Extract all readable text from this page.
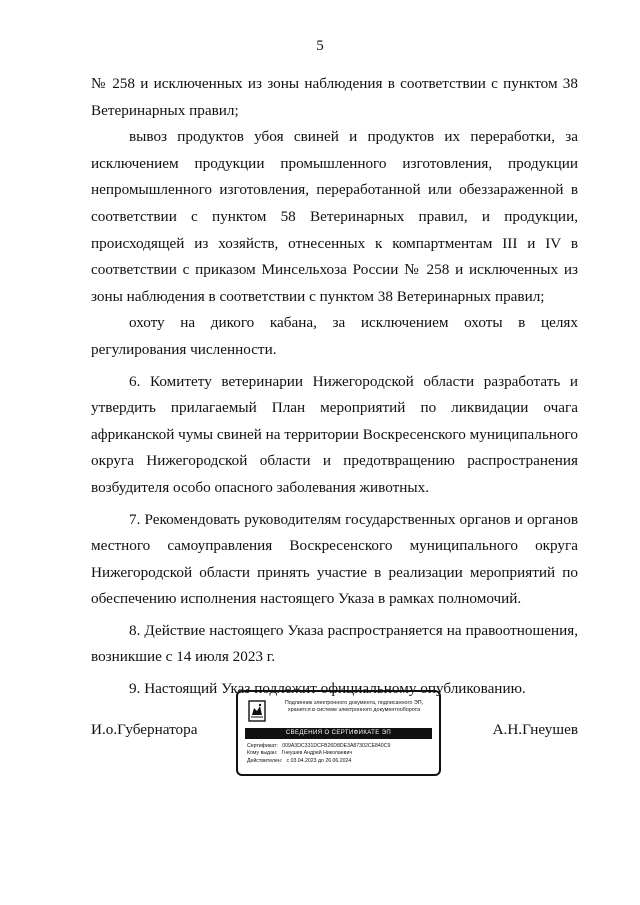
5

№ 258 и исключенных из зоны наблюдения в соответствии с пунктом 38 Ветеринарных правил;

вывоз продуктов убоя свиней и продуктов их переработки, за исключением продукции промышленного изготовления, продукции непромышленного изготовления, переработанной или обеззараженной в соответствии с пунктом 58 Ветеринарных правил, и продукции, происходящей из хозяйств, отнесенных к компартментам III и IV в соответствии с приказом Минсельхоза России № 258 и исключенных из зоны наблюдения в соответствии с пунктом 38 Ветеринарных правил;

охоту на дикого кабана, за исключением охоты в целях регулирования численности.

6. Комитету ветеринарии Нижегородской области разработать и утвердить прилагаемый План мероприятий по ликвидации очага африканской чумы свиней на территории Воскресенского муниципального округа Нижегородской области и предотвращению распространения возбудителя особо опасного заболевания животных.

7. Рекомендовать руководителям государственных органов и органов местного самоуправления Воскресенского муниципального округа Нижегородской области принять участие в реализации мероприятий по обеспечению исполнения настоящего Указа в рамках полномочий.

8. Действие настоящего Указа распространяется на правоотношения, возникшие с 14 июля 2023 г.

9. Настоящий Указ подлежит официальному опубликованию.

И.о.Губернатора	А.Н.Гнеушев
Подлинник электронного документа, подписанного ЭП,
хранится в системе электронного документооборота
СВЕДЕНИЯ О СЕРТИФИКАТЕ ЭП
Сертификат: 009A3DC331DCFB26D8DE3A87302CE840C9
Кому выдан: Гнеушев Андрей Николаевич
Действителен: с 03.04.2023 до 26.06.2024
